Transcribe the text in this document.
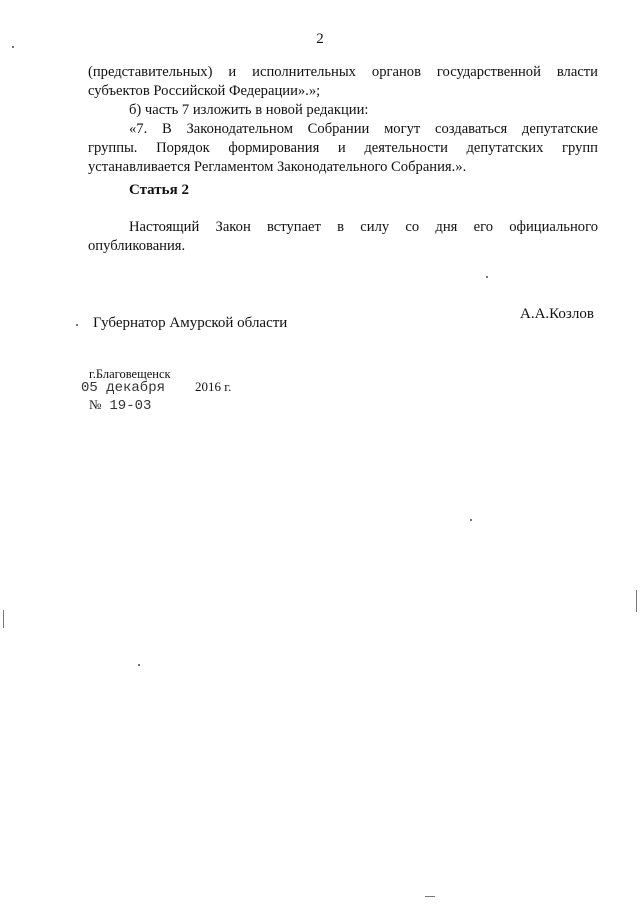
2
(представительных) и исполнительных органов государственной власти
субъектов Российской Федерации».»;
б) часть 7 изложить в новой редакции:
«7. В Законодательном Собрании могут создаваться депутатские
группы. Порядок формирования и деятельности депутатских групп
устанавливается Регламентом Законодательного Собрания.».
Статья 2
Настоящий Закон вступает в силу со дня его официального
опубликования.
Губернатор Амурской области
А.А.Козлов
г.Благовещенск
05 декабря 2016 г.
№ 19-03
